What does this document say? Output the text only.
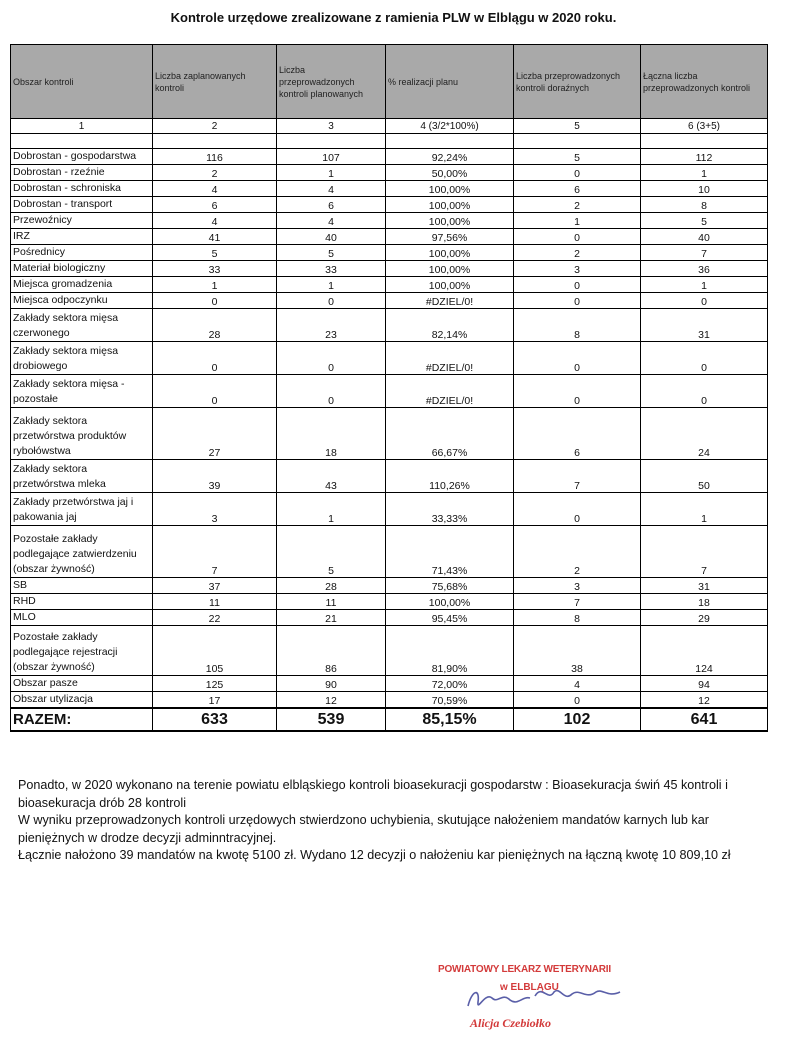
Kontrole urzędowe zrealizowane z ramienia PLW w Elblągu w 2020 roku.
Obszar kontroli	Liczba zaplanowanych kontroli	Liczba przeprowadzonych kontroli planowanych	% realizacji planu	Liczba przeprowadzonych kontroli doraźnych	Łączna liczba przeprowadzonych kontroli
1	2	3	4 (3/2*100%)	5	6 (3+5)

Dobrostan - gospodarstwa	116	107	92,24%	5	112
Dobrostan - rzeźnie	2	1	50,00%	0	1
Dobrostan - schroniska	4	4	100,00%	6	10
Dobrostan - transport	6	6	100,00%	2	8
Przewoźnicy	4	4	100,00%	1	5
IRZ	41	40	97,56%	0	40
Pośrednicy	5	5	100,00%	2	7
Materiał biologiczny	33	33	100,00%	3	36
Miejsca gromadzenia	1	1	100,00%	0	1
Miejsca odpoczynku	0	0	#DZIEL/0!	0	0
Zakłady sektora mięsa czerwonego	28	23	82,14%	8	31
Zakłady sektora mięsa drobiowego	0	0	#DZIEL/0!	0	0
Zakłady sektora mięsa - pozostałe	0	0	#DZIEL/0!	0	0
Zakłady sektora przetwórstwa produktów rybołówstwa	27	18	66,67%	6	24
Zakłady sektora przetwórstwa mleka	39	43	110,26%	7	50
Zakłady przetwórstwa jaj i pakowania jaj	3	1	33,33%	0	1
Pozostałe zakłady podlegające zatwierdzeniu (obszar żywność)	7	5	71,43%	2	7
SB	37	28	75,68%	3	31
RHD	11	11	100,00%	7	18
MLO	22	21	95,45%	8	29
Pozostałe zakłady podlegające rejestracji (obszar żywność)	105	86	81,90%	38	124
Obszar pasze	125	90	72,00%	4	94
Obszar utylizacja	17	12	70,59%	0	12
RAZEM:	633	539	85,15%	102	641

Ponadto, w 2020 wykonano na terenie powiatu elbląskiego kontroli bioasekuracji gospodarstw : Bioasekuracja świń 45 kontroli i bioasekuracja drób 28 kontroli

W wyniku przeprowadzonych kontroli urzędowych stwierdzono uchybienia, skutujące nałożeniem mandatów karnych lub kar pieniężnych w drodze decyzji adminntracyjnej.

Łącznie nałożono 39 mandatów na kwotę 5100 zł. Wydano 12 decyzji o nałożeniu kar pieniężnych na łączną kwotę 10 809,10 zł

POWIATOWY LEKARZ WETERYNARII
w ELBLĄGU
Alicja Czebiołko
